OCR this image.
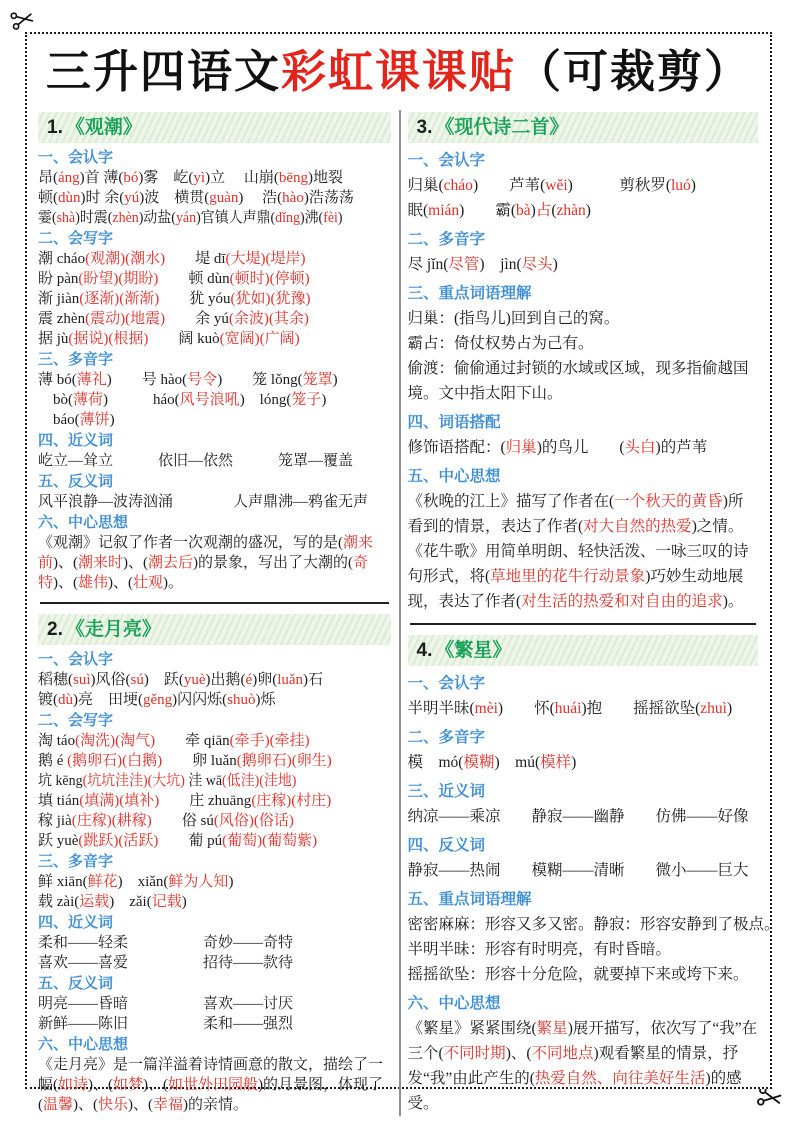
三升四语文彩虹课课贴（可裁剪）
1. 《观潮》
一、会认字
昂(áng)首 薄(bó)雾　屹(yì)立　 山崩(bēng)地裂
顿(dùn)时 余(yú)波　横贯(guàn)　 浩(hào)浩荡荡
霎(shà)时震(zhèn)动盐(yán)官镇人声鼎(dǐng)沸(fèi)
二、会写字
潮 cháo(观潮)(潮水)　　堤 dī(大堤)(堤岸)
盼 pàn(盼望)(期盼)　　顿 dùn(顿时)(停顿)
渐 jiàn(逐渐)(渐渐)　　犹 yóu(犹如)(犹豫)
震 zhèn(震动)(地震)　　余 yú(余波)(其余)
据 jù(据说)(根据)　　阔 kuò(宽阔)(广阔)
三、多音字
薄 bó(薄礼)　　号 hào(号令)　　笼 lǒng(笼罩)
　bò(薄荷)　　　háo(风号浪吼)　lóng(笼子)
　báo(薄饼)
四、近义词
屹立—耸立　　　依旧—依然　　　笼罩—覆盖
五、反义词
风平浪静—波涛汹涌　　　　人声鼎沸—鸦雀无声
六、中心思想
《观潮》记叙了作者一次观潮的盛况，写的是(潮来前)、(潮来时)、(潮去后)的景象，写出了大潮的(奇特)、(雄伟)、(壮观)。
2. 《走月亮》
一、会认字
稻穗(suì)风俗(sú)　跃(yuè)出鹅(é)卵(luǎn)石
镀(dù)亮　田埂(gěng)闪闪烁(shuò)烁
二、会写字
淘 táo(淘洗)(淘气)　　牵 qiān(牵手)(牵挂)
鹅 é (鹅卵石)(白鹅)　　卵 luǎn(鹅卵石)(卵生)
坑 kēng(坑坑洼洼)(大坑) 洼 wā(低洼)(洼地)
填 tián(填满)(填补)　　庄 zhuāng(庄稼)(村庄)
稼 jià(庄稼)(耕稼)　　俗 sú(风俗)(俗话)
跃 yuè(跳跃)(活跃)　　葡 pú(葡萄)(葡萄紫)
三、多音字
鲜 xiān(鲜花)　xiǎn(鲜为人知)
载 zài(运载)　zǎi(记载)
四、近义词
柔和——轻柔　　　　　奇妙——奇特
喜欢——喜爱　　　　　招待——款待
五、反义词
明亮——昏暗　　　　　喜欢——讨厌
新鲜——陈旧　　　　　柔和——强烈
六、中心思想
《走月亮》是一篇洋溢着诗情画意的散文，描绘了一幅(如诗)、(如梦)、(如世外田园般)的月景图，体现了(温馨)、(快乐)、(幸福)的亲情。
3. 《现代诗二首》
一、会认字
归巢(cháo)　　芦苇(wěi)　　　剪秋罗(luó)
眠(mián)　　霸(bà)占(zhàn)
二、多音字
尽 jǐn(尽管)　jìn(尽头)
三、重点词语理解
归巢：(指鸟儿)回到自己的窝。
霸占：倚仗权势占为己有。
偷渡：偷偷通过封锁的水域或区域，现多指偷越国境。文中指太阳下山。
四、词语搭配
修饰语搭配：(归巢)的鸟儿　　(头白)的芦苇
五、中心思想
《秋晚的江上》描写了作者在(一个秋天的黄昏)所看到的情景，表达了作者(对大自然的热爱)之情。
《花牛歌》用简单明朗、轻快活泼、一咏三叹的诗句形式，将(草地里的花牛行动景象)巧妙生动地展现，表达了作者(对生活的热爱和对自由的追求)。
4. 《繁星》
一、会认字
半明半昧(mèi)　　怀(huái)抱　　摇摇欲坠(zhuì)
二、多音字
模　mó(模糊)　mú(模样)
三、近义词
纳凉——乘凉　　静寂——幽静　　仿佛——好像
四、反义词
静寂——热闹　　模糊——清晰　　微小——巨大
五、重点词语理解
密密麻麻：形容又多又密。静寂：形容安静到了极点。
半明半昧：形容有时明亮，有时昏暗。
摇摇欲坠：形容十分危险，就要掉下来或垮下来。
六、中心思想
《繁星》紧紧围绕(繁星)展开描写，依次写了“我”在三个(不同时期)、(不同地点)观看繁星的情景，抒发“我”由此产生的(热爱自然、向往美好生活)的感受。
